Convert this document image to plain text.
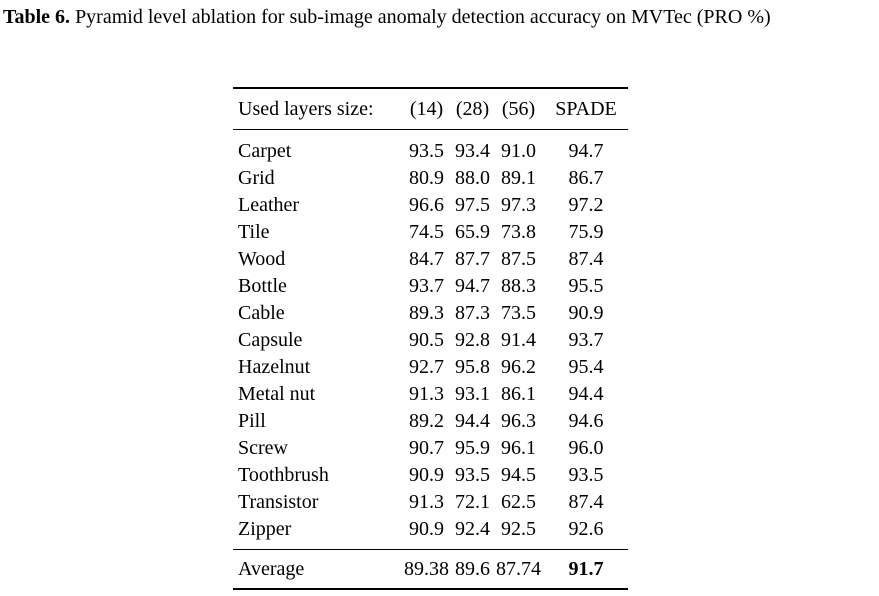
Table 6. Pyramid level ablation for sub-image anomaly detection accuracy on MVTec (PRO %)
Used layers size:	(14)	(28)	(56)	SPADE
Carpet	93.5	93.4	91.0	94.7
Grid	80.9	88.0	89.1	86.7
Leather	96.6	97.5	97.3	97.2
Tile	74.5	65.9	73.8	75.9
Wood	84.7	87.7	87.5	87.4
Bottle	93.7	94.7	88.3	95.5
Cable	89.3	87.3	73.5	90.9
Capsule	90.5	92.8	91.4	93.7
Hazelnut	92.7	95.8	96.2	95.4
Metal nut	91.3	93.1	86.1	94.4
Pill	89.2	94.4	96.3	94.6
Screw	90.7	95.9	96.1	96.0
Toothbrush	90.9	93.5	94.5	93.5
Transistor	91.3	72.1	62.5	87.4
Zipper	90.9	92.4	92.5	92.6
Average	89.38	89.6	87.74	91.7
